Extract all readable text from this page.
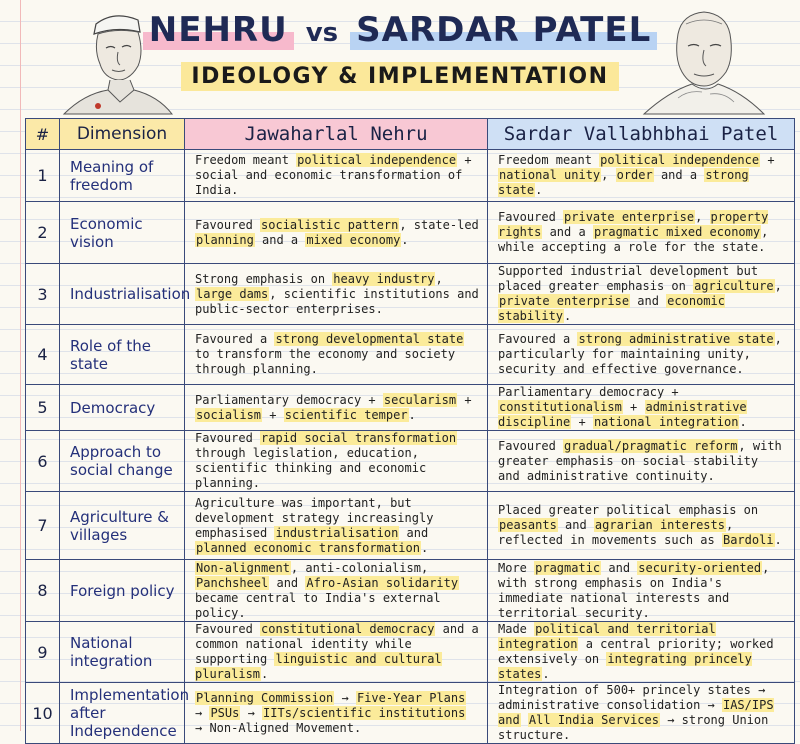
NEHRU vs SARDAR PATEL
IDEOLOGY & IMPLEMENTATION
#	Dimension	Jawaharlal Nehru	Sardar Vallabhbhai Patel
1	Meaning of freedom	Freedom meant political independence + social and economic transformation of India.	Freedom meant political independence + national unity, order and a strong state.
2	Economic vision	Favoured socialistic pattern, state-led planning and a mixed economy.	Favoured private enterprise, property rights and a pragmatic mixed economy, while accepting a role for the state.
3	Industrialisation	Strong emphasis on heavy industry, large dams, scientific institutions and public-sector enterprises.	Supported industrial development but placed greater emphasis on agriculture, private enterprise and economic stability.
4	Role of the state	Favoured a strong developmental state to transform the economy and society through planning.	Favoured a strong administrative state, particularly for maintaining unity, security and effective governance.
5	Democracy	Parliamentary democracy + secularism + socialism + scientific temper.	Parliamentary democracy + constitutionalism + administrative discipline + national integration.
6	Approach to social change	Favoured rapid social transformation through legislation, education, scientific thinking and economic planning.	Favoured gradual/pragmatic reform, with greater emphasis on social stability and administrative continuity.
7	Agriculture & villages	Agriculture was important, but development strategy increasingly emphasised industrialisation and planned economic transformation.	Placed greater political emphasis on peasants and agrarian interests, reflected in movements such as Bardoli.
8	Foreign policy	Non-alignment, anti-colonialism, Panchsheel and Afro-Asian solidarity became central to India's external policy.	More pragmatic and security-oriented, with strong emphasis on India's immediate national interests and territorial security.
9	National integration	Favoured constitutional democracy and a common national identity while supporting linguistic and cultural pluralism.	Made political and territorial integration a central priority; worked extensively on integrating princely states.
10	Implementation after Independence	Planning Commission → Five-Year Plans → PSUs → IITs/scientific institutions → Non-Aligned Movement.	Integration of 500+ princely states → administrative consolidation → IAS/IPS and All India Services → strong Union structure.
